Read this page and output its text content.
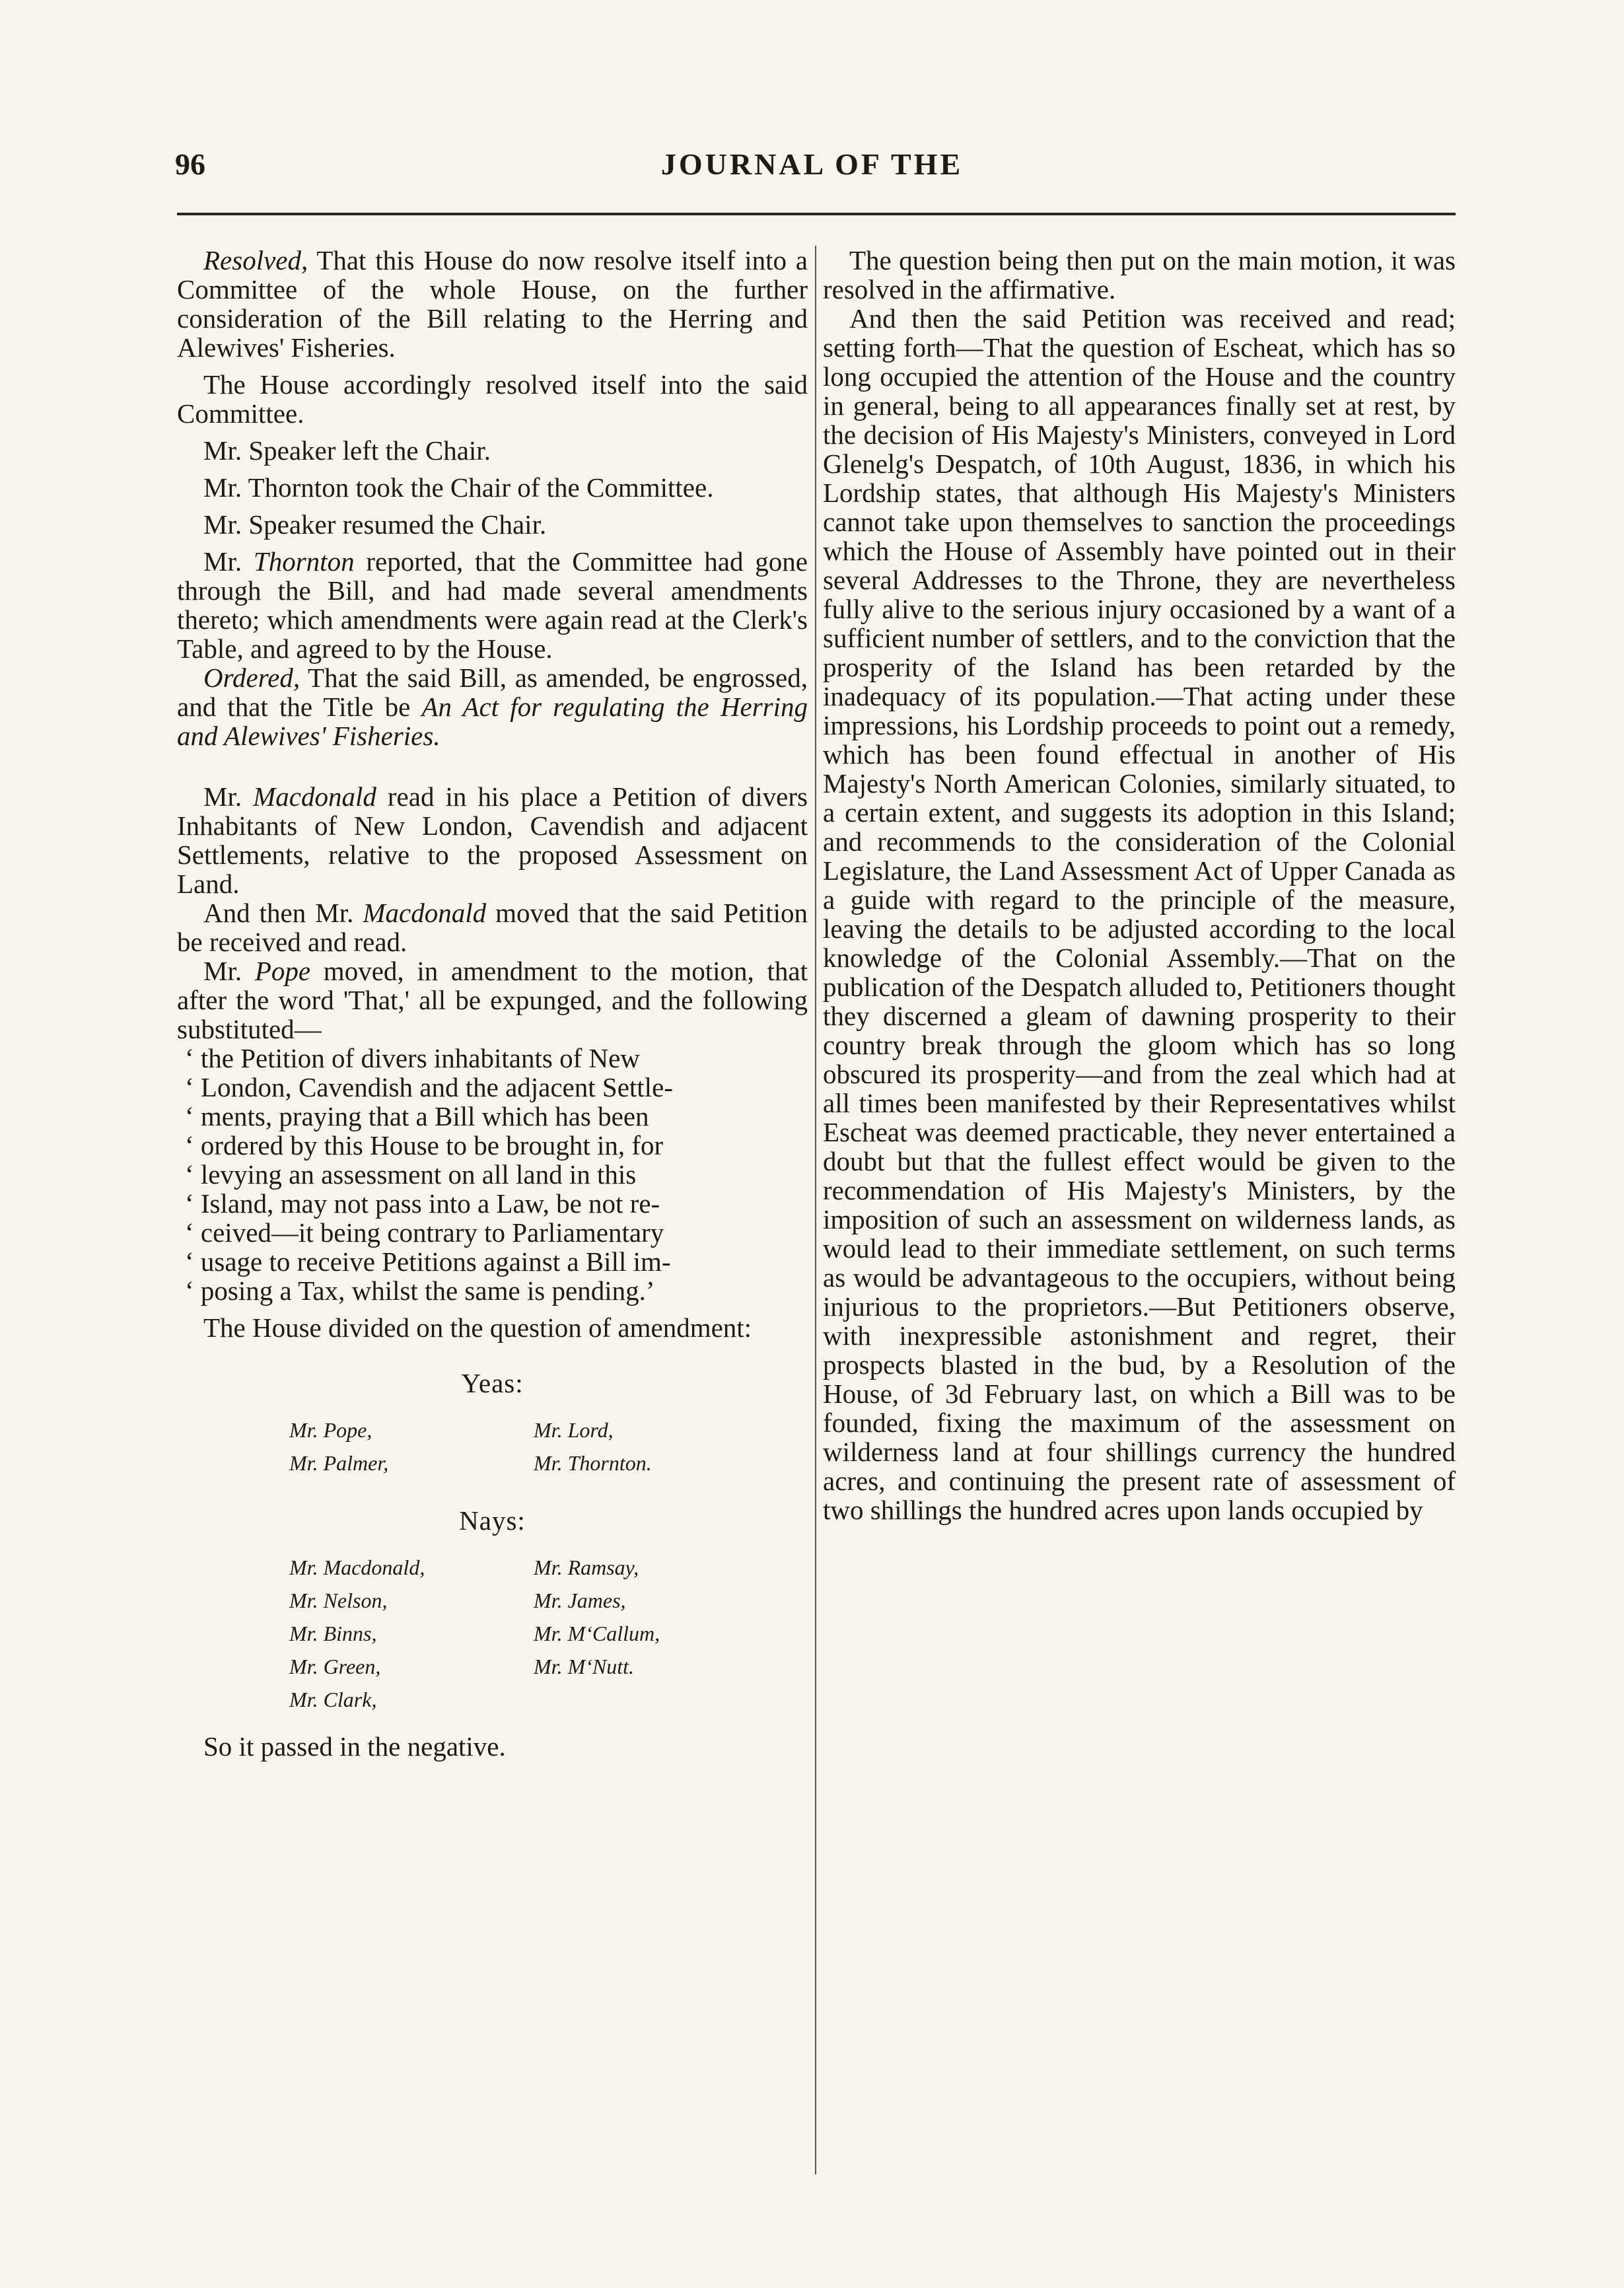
96	JOURNAL OF THE

Resolved, That this House do now resolve itself into a Committee of the whole House, on the further consideration of the Bill relating to the Herring and Alewives' Fisheries.

The House accordingly resolved itself into the said Committee.

Mr. Speaker left the Chair.

Mr. Thornton took the Chair of the Committee.

Mr. Speaker resumed the Chair.

Mr. Thornton reported, that the Committee had gone through the Bill, and had made several amendments thereto; which amendments were again read at the Clerk's Table, and agreed to by the House.

Ordered, That the said Bill, as amended, be engrossed, and that the Title be An Act for regulating the Herring and Alewives' Fisheries.

Mr. Macdonald read in his place a Petition of divers Inhabitants of New London, Cavendish and adjacent Settlements, relative to the proposed Assessment on Land.

And then Mr. Macdonald moved that the said Petition be received and read.

Mr. Pope moved, in amendment to the motion, that after the word 'That,' all be expunged, and the following substituted—

‘ the Petition of divers inhabitants of New

‘ London, Cavendish and the adjacent Settle-

‘ ments, praying that a Bill which has been

‘ ordered by this House to be brought in, for

‘ levying an assessment on all land in this

‘ Island, may not pass into a Law, be not re-

‘ ceived—it being contrary to Parliamentary

‘ usage to receive Petitions against a Bill im-

‘ posing a Tax, whilst the same is pending.’

The House divided on the question of amendment:

Yeas:
Mr. Pope,	Mr. Lord,
Mr. Palmer,	Mr. Thornton.
Nays:
Mr. Macdonald,	Mr. Ramsay,
Mr. Nelson,	Mr. James,
Mr. Binns,	Mr. M‘Callum,
Mr. Green,	Mr. M‘Nutt.
Mr. Clark,

So it passed in the negative.

The question being then put on the main motion, it was resolved in the affirmative.

And then the said Petition was received and read; setting forth—That the question of Escheat, which has so long occupied the attention of the House and the country in general, being to all appearances finally set at rest, by the decision of His Majesty's Ministers, conveyed in Lord Glenelg's Despatch, of 10th August, 1836, in which his Lordship states, that although His Majesty's Ministers cannot take upon themselves to sanction the proceedings which the House of Assembly have pointed out in their several Addresses to the Throne, they are nevertheless fully alive to the serious injury occasioned by a want of a sufficient number of settlers, and to the conviction that the prosperity of the Island has been retarded by the inadequacy of its population.—That acting under these impressions, his Lordship proceeds to point out a remedy, which has been found effectual in another of His Majesty's North American Colonies, similarly situated, to a certain extent, and suggests its adoption in this Island; and recommends to the consideration of the Colonial Legislature, the Land Assessment Act of Upper Canada as a guide with regard to the principle of the measure, leaving the details to be adjusted according to the local knowledge of the Colonial Assembly.—That on the publication of the Despatch alluded to, Petitioners thought they discerned a gleam of dawning prosperity to their country break through the gloom which has so long obscured its prosperity—and from the zeal which had at all times been manifested by their Representatives whilst Escheat was deemed practicable, they never entertained a doubt but that the fullest effect would be given to the recommendation of His Majesty's Ministers, by the imposition of such an assessment on wilderness lands, as would lead to their immediate settlement, on such terms as would be advantageous to the occupiers, without being injurious to the proprietors.—But Petitioners observe, with inexpressible astonishment and regret, their prospects blasted in the bud, by a Resolution of the House, of 3d February last, on which a Bill was to be founded, fixing the maximum of the assessment on wilderness land at four shillings currency the hundred acres, and continuing the present rate of assessment of two shillings the hundred acres upon lands occupied by
